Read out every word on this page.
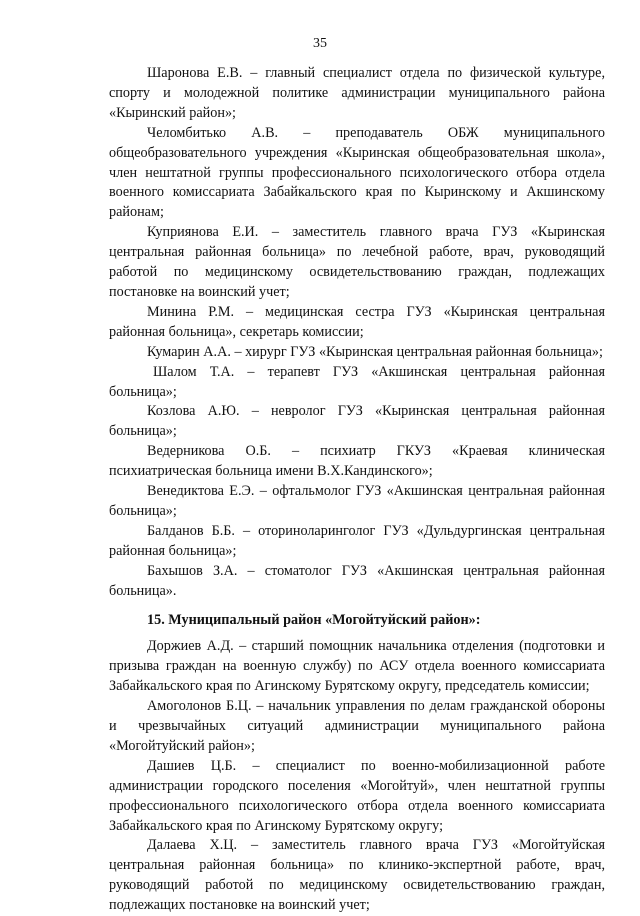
35

Шаронова Е.В. – главный специалист отдела по физической культуре, спорту и молодежной политике администрации муниципального района «Кыринский район»;

Челомбитько А.В. – преподаватель ОБЖ муниципального общеобразовательного учреждения «Кыринская общеобразовательная школа», член нештатной группы профессионального психологического отбора отдела военного комиссариата Забайкальского края по Кыринскому и Акшинскому районам;

Куприянова Е.И. – заместитель главного врача ГУЗ «Кыринская центральная районная больница» по лечебной работе, врач, руководящий работой по медицинскому освидетельствованию граждан, подлежащих постановке на воинский учет;

Минина Р.М. – медицинская сестра ГУЗ «Кыринская центральная районная больница», секретарь комиссии;

Кумарин А.А. – хирург ГУЗ «Кыринская центральная районная больница»;

Шалом Т.А. – терапевт ГУЗ «Акшинская центральная районная больница»;

Козлова А.Ю. – невролог ГУЗ «Кыринская центральная районная больница»;

Ведерникова О.Б. – психиатр ГКУЗ «Краевая клиническая психиатрическая больница имени В.Х.Кандинского»;

Венедиктова Е.Э. – офтальмолог ГУЗ «Акшинская центральная районная больница»;

Балданов Б.Б. – оториноларинголог ГУЗ «Дульдургинская центральная районная больница»;

Бахышов З.А. – стоматолог ГУЗ «Акшинская центральная районная больница».

15. Муниципальный район «Могойтуйский район»:

Доржиев А.Д. – старший помощник начальника отделения (подготовки и призыва граждан на военную службу) по АСУ отдела военного комиссариата Забайкальского края по Агинскому Бурятскому округу, председатель комиссии;

Амоголонов Б.Ц. – начальник управления по делам гражданской обороны и чрезвычайных ситуаций администрации муниципального района «Могойтуйский район»;

Дашиев Ц.Б. – специалист по военно-мобилизационной работе администрации городского поселения «Могойтуй», член нештатной группы профессионального психологического отбора отдела военного комиссариата Забайкальского края по Агинскому Бурятскому округу;

Далаева Х.Ц. – заместитель главного врача ГУЗ «Могойтуйская центральная районная больница» по клинико-экспертной работе, врач, руководящий работой по медицинскому освидетельствованию граждан, подлежащих постановке на воинский учет;
